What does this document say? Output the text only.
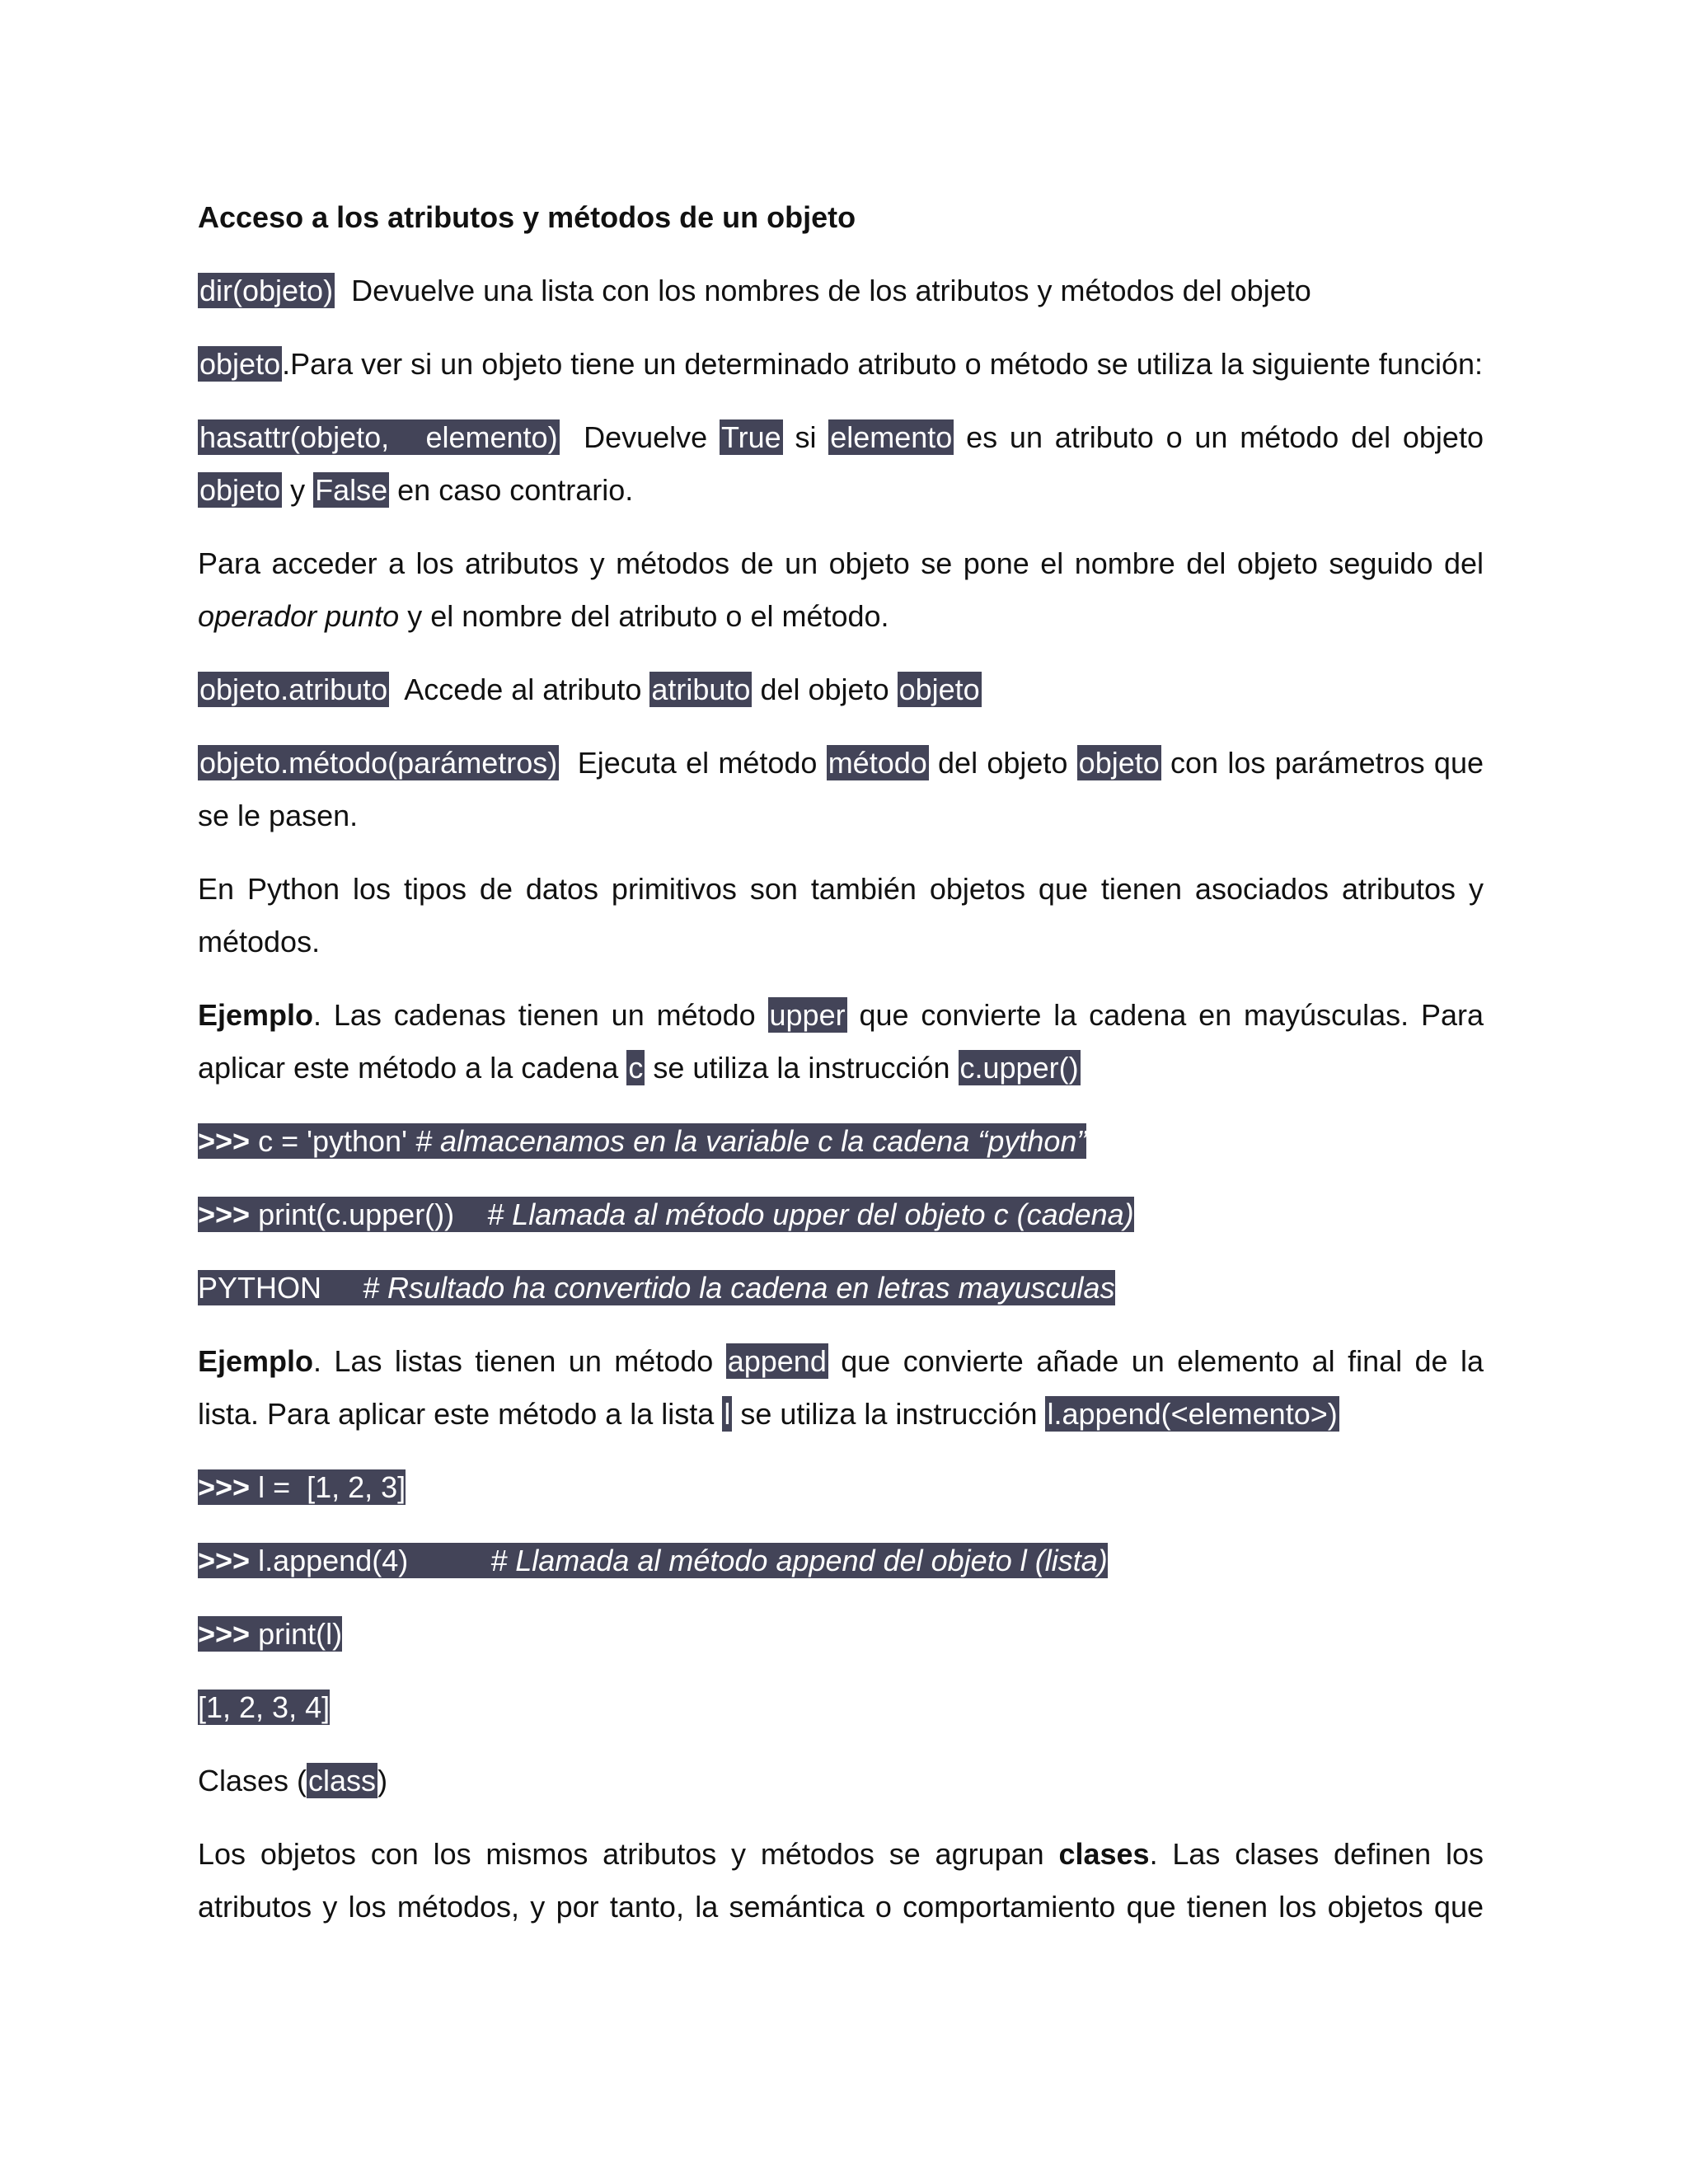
Acceso a los atributos y métodos de un objeto
dir(objeto)  Devuelve una lista con los nombres de los atributos y métodos del objeto
objeto.Para ver si un objeto tiene un determinado atributo o método se utiliza la siguiente función:
hasattr(objeto,   elemento)  Devuelve True si elemento es un atributo o un método del objeto objeto y False en caso contrario.
Para acceder a los atributos y métodos de un objeto se pone el nombre del objeto seguido del operador punto y el nombre del atributo o el método.
objeto.atributo  Accede al atributo atributo del objeto objeto
objeto.método(parámetros)  Ejecuta el método método del objeto objeto con los parámetros que se le pasen.
En Python los tipos de datos primitivos son también objetos que tienen asociados atributos y métodos.
Ejemplo. Las cadenas tienen un método upper que convierte la cadena en mayúsculas. Para aplicar este método a la cadena c se utiliza la instrucción c.upper()
>>> c = 'python' # almacenamos en la variable c la cadena “python”
>>> print(c.upper())    # Llamada al método upper del objeto c (cadena)
PYTHON     # Rsultado ha convertido la cadena en letras mayusculas
Ejemplo. Las listas tienen un método append que convierte añade un elemento al final de la lista. Para aplicar este método a la lista l se utiliza la instrucción l.append(<elemento>)
>>> l =  [1, 2, 3]
>>> l.append(4)          # Llamada al método append del objeto l (lista)
>>> print(l)
[1, 2, 3, 4]
Clases (class)
Los objetos con los mismos atributos y métodos se agrupan clases. Las clases definen los atributos y los métodos, y por tanto, la semántica o comportamiento que tienen los objetos que
